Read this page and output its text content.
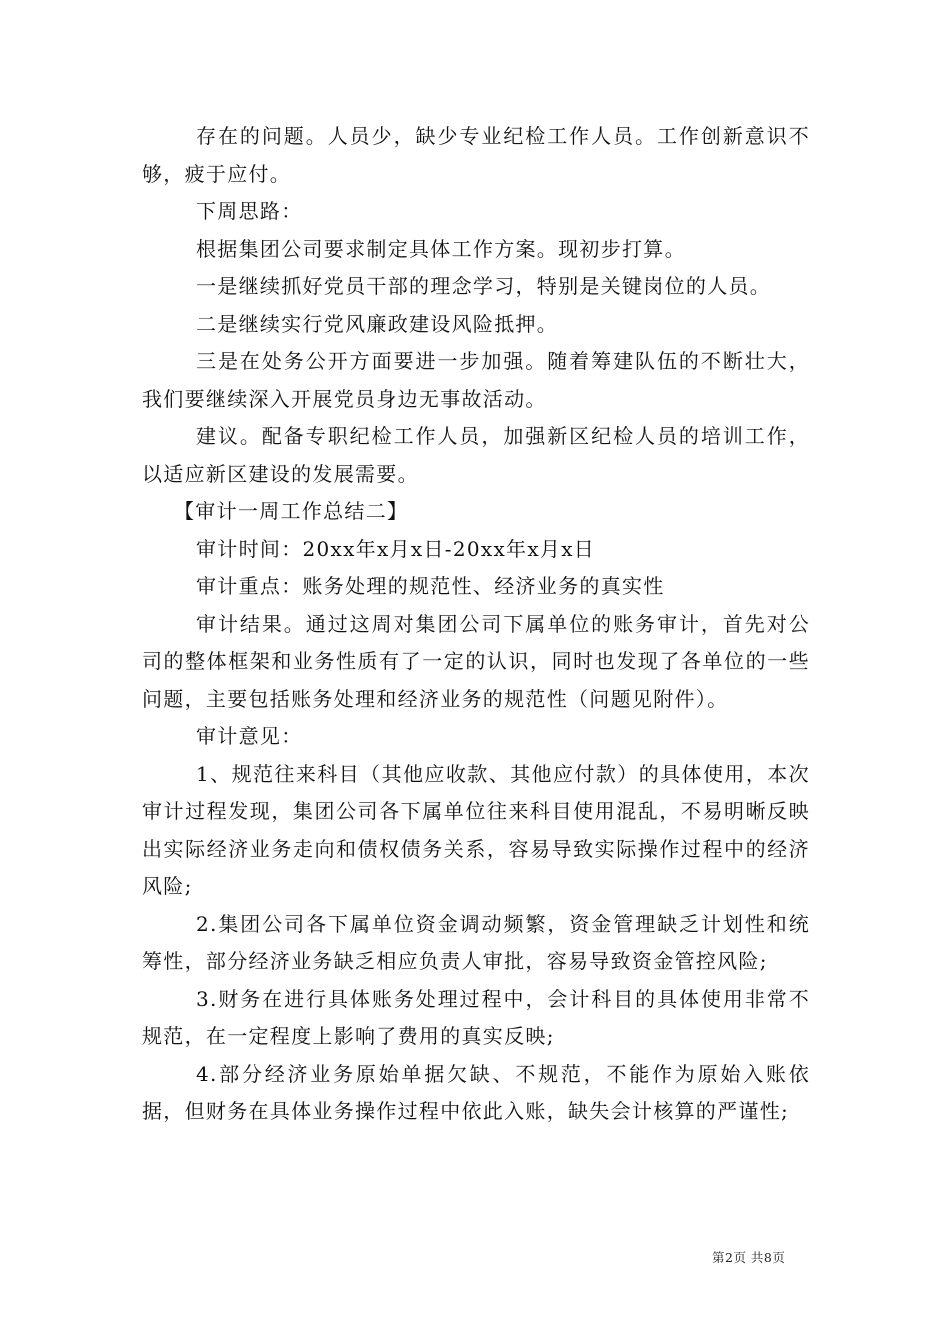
存在的问题。人员少，缺少专业纪检工作人员。工作创新意识不够，疲于应付。

下周思路：

根据集团公司要求制定具体工作方案。现初步打算。

一是继续抓好党员干部的理念学习，特别是关键岗位的人员。

二是继续实行党风廉政建设风险抵押。

三是在处务公开方面要进一步加强。随着筹建队伍的不断壮大，我们要继续深入开展党员身边无事故活动。

建议。配备专职纪检工作人员，加强新区纪检人员的培训工作，以适应新区建设的发展需要。

【审计一周工作总结二】

审计时间：20xx年x月x日-20xx年x月x日

审计重点：账务处理的规范性、经济业务的真实性

审计结果。通过这周对集团公司下属单位的账务审计，首先对公司的整体框架和业务性质有了一定的认识，同时也发现了各单位的一些问题，主要包括账务处理和经济业务的规范性（问题见附件）。

审计意见：

1、规范往来科目（其他应收款、其他应付款）的具体使用，本次审计过程发现，集团公司各下属单位往来科目使用混乱，不易明晰反映出实际经济业务走向和债权债务关系，容易导致实际操作过程中的经济风险;

2.集团公司各下属单位资金调动频繁，资金管理缺乏计划性和统筹性，部分经济业务缺乏相应负责人审批，容易导致资金管控风险;

3.财务在进行具体账务处理过程中，会计科目的具体使用非常不规范，在一定程度上影响了费用的真实反映;

4.部分经济业务原始单据欠缺、不规范，不能作为原始入账依据，但财务在具体业务操作过程中依此入账，缺失会计核算的严谨性;

第2页 共8页
